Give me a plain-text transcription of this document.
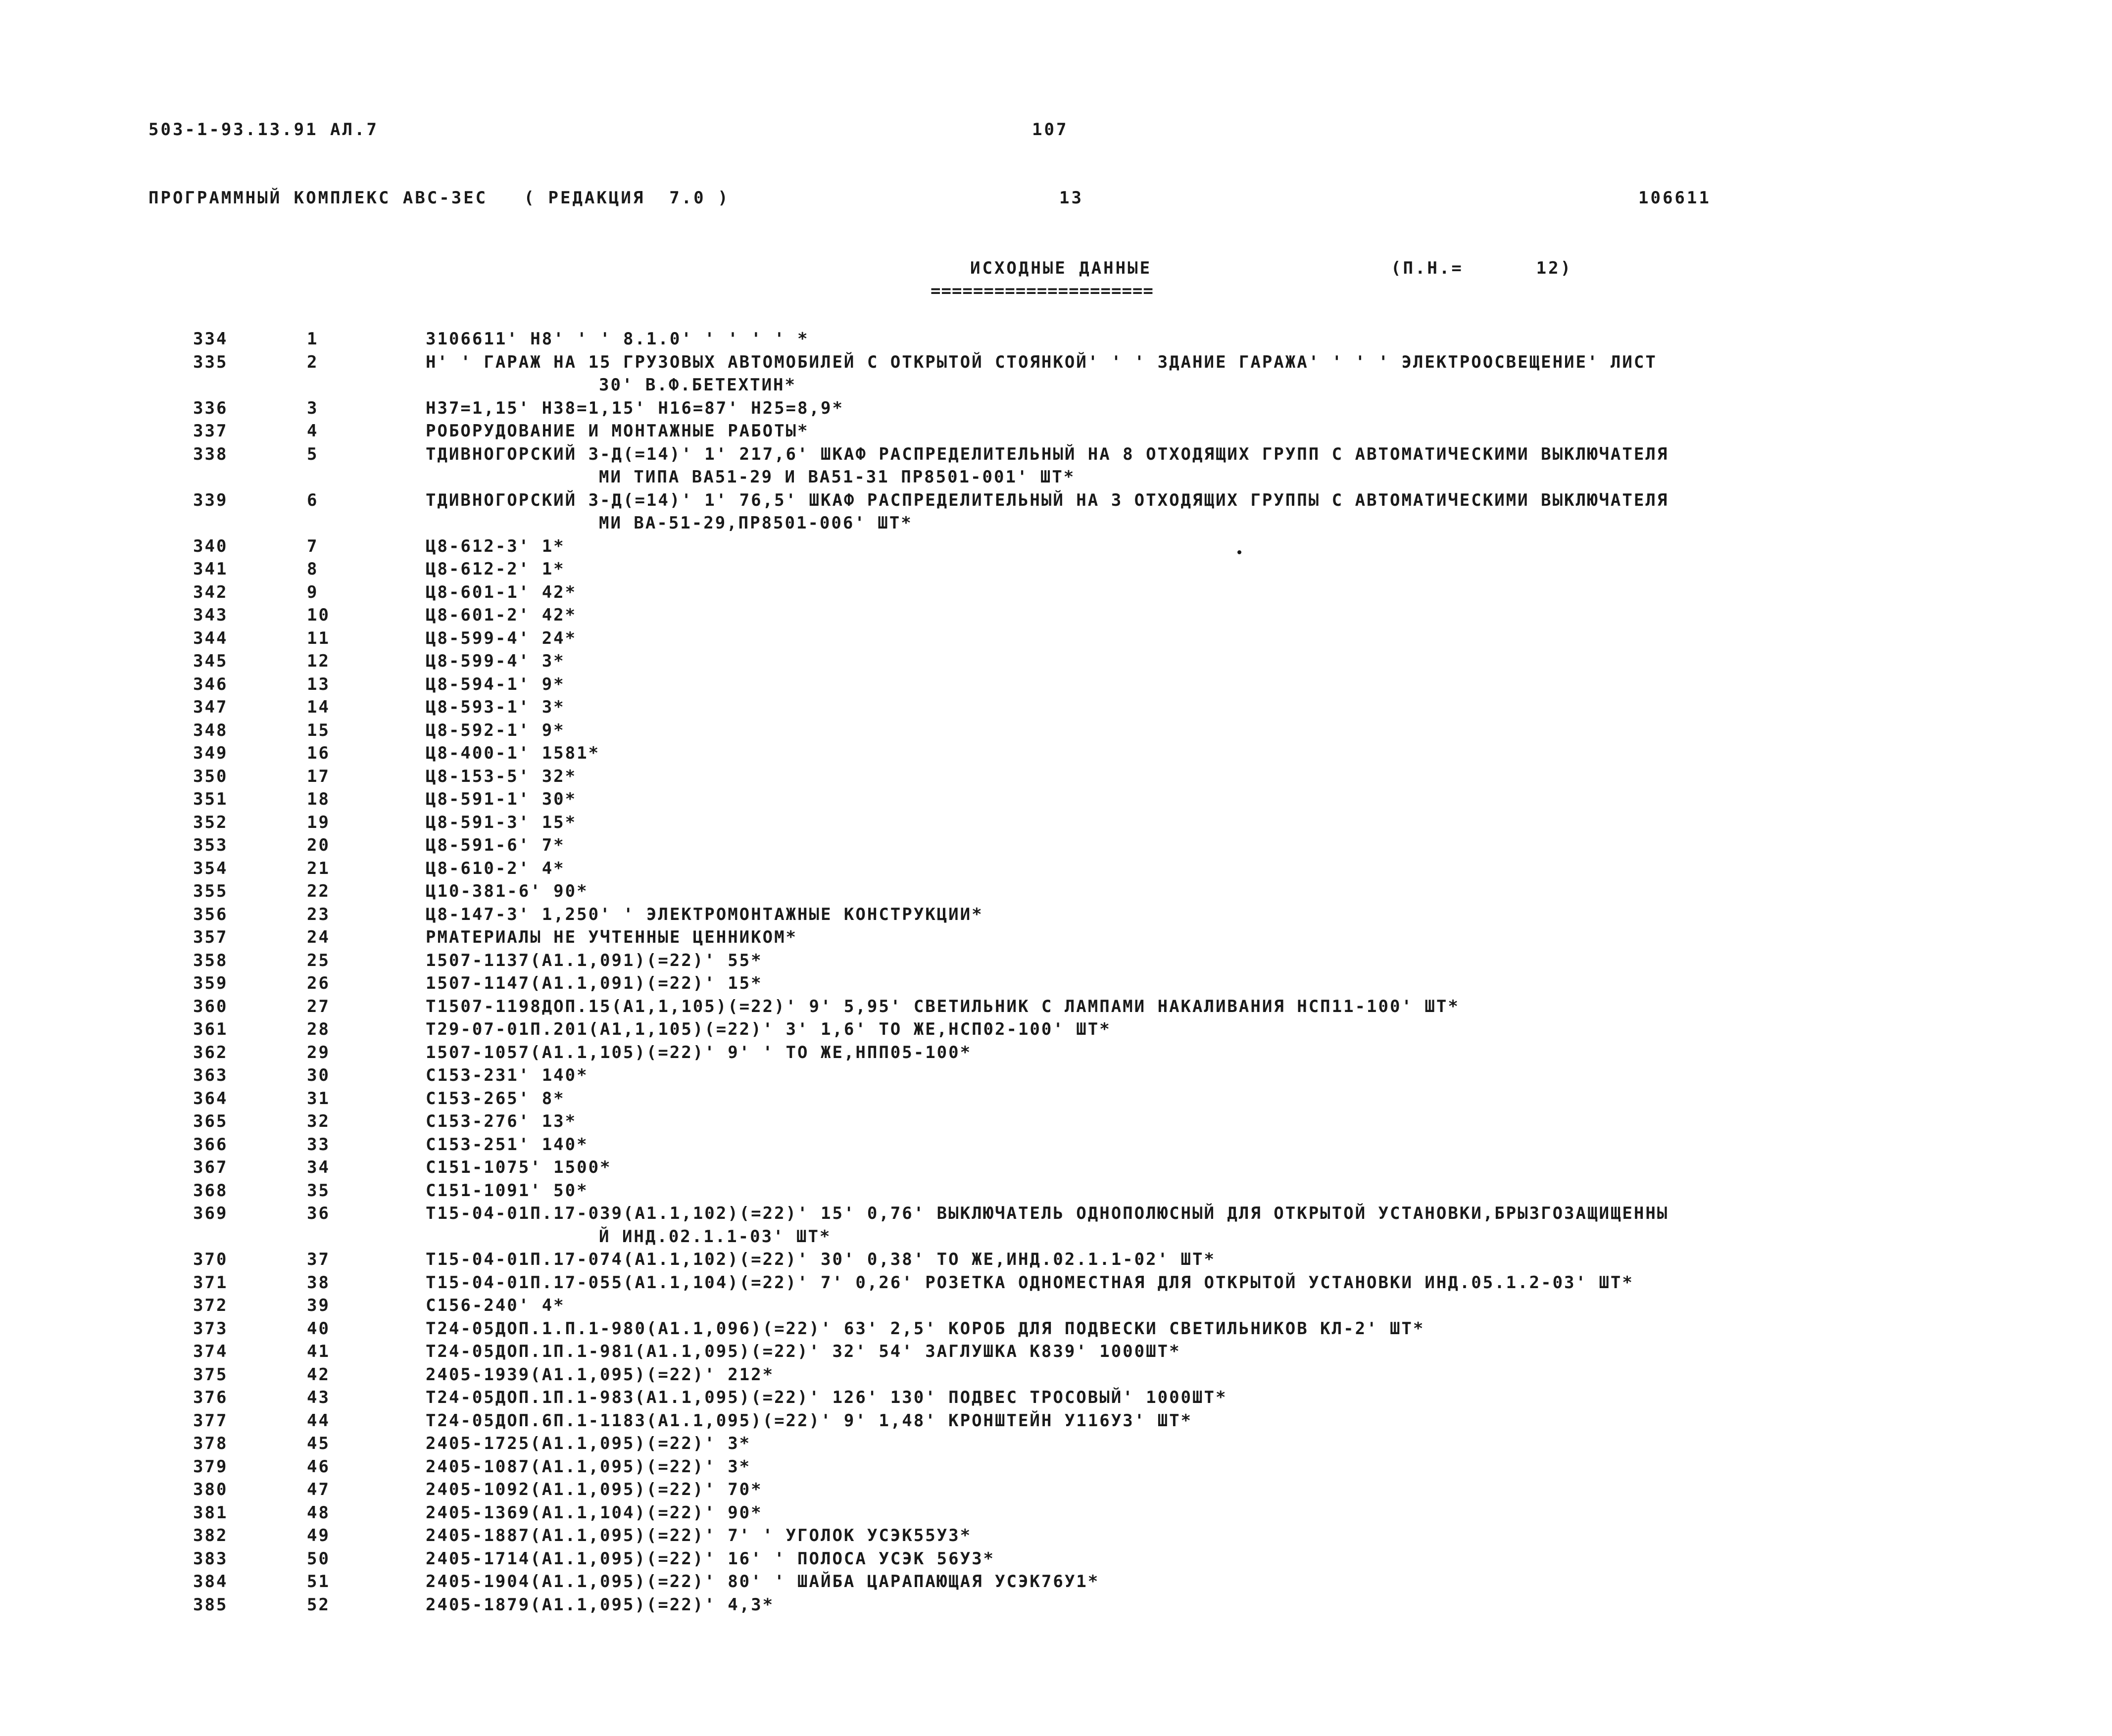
503-1-93.13.91 АЛ.7	107
ПРОГРАММНЫЙ КОМПЛЕКС АВС-3ЕС   ( РЕДАКЦИЯ  7.0 )	13	106611
ИСХОДНЫЕ ДАННЫЕ	(П.Н.=      12)
=====================
334	1	3106611' Н8' ' ' 8.1.0' ' ' ' ' *
335	2	Н' ' ГАРАЖ НА 15 ГРУЗОВЫХ АВТОМОБИЛЕЙ С ОТКРЫТОЙ СТОЯНКОЙ' ' ' ЗДАНИЕ ГАРАЖА' ' ' ' ЭЛЕКТРООСВЕЩЕНИЕ' ЛИСТ
30' В.Ф.БЕТЕХТИН*
336	3	Н37=1,15' Н38=1,15' Н16=87' Н25=8,9*
337	4	РОБОРУДОВАНИЕ И МОНТАЖНЫЕ РАБОТЫ*
338	5	ТДИВНОГОРСКИЙ 3-Д(=14)' 1' 217,6' ШКАФ РАСПРЕДЕЛИТЕЛЬНЫЙ НА 8 ОТХОДЯЩИХ ГРУПП С АВТОМАТИЧЕСКИМИ ВЫКЛЮЧАТЕЛЯ
МИ ТИПА ВА51-29 И ВА51-31 ПР8501-001' ШТ*
339	6	ТДИВНОГОРСКИЙ 3-Д(=14)' 1' 76,5' ШКАФ РАСПРЕДЕЛИТЕЛЬНЫЙ НА 3 ОТХОДЯЩИХ ГРУППЫ С АВТОМАТИЧЕСКИМИ ВЫКЛЮЧАТЕЛЯ
МИ ВА-51-29,ПР8501-006' ШТ*
340	7	Ц8-612-3' 1*
341	8	Ц8-612-2' 1*
342	9	Ц8-601-1' 42*
343	10	Ц8-601-2' 42*
344	11	Ц8-599-4' 24*
345	12	Ц8-599-4' 3*
346	13	Ц8-594-1' 9*
347	14	Ц8-593-1' 3*
348	15	Ц8-592-1' 9*
349	16	Ц8-400-1' 1581*
350	17	Ц8-153-5' 32*
351	18	Ц8-591-1' 30*
352	19	Ц8-591-3' 15*
353	20	Ц8-591-6' 7*
354	21	Ц8-610-2' 4*
355	22	Ц10-381-6' 90*
356	23	Ц8-147-3' 1,250' ' ЭЛЕКТРОМОНТАЖНЫЕ КОНСТРУКЦИИ*
357	24	РМАТЕРИАЛЫ НЕ УЧТЕННЫЕ ЦЕННИКОМ*
358	25	1507-1137(А1.1,091)(=22)' 55*
359	26	1507-1147(А1.1,091)(=22)' 15*
360	27	Т1507-1198ДОП.15(А1,1,105)(=22)' 9' 5,95' СВЕТИЛЬНИК С ЛАМПАМИ НАКАЛИВАНИЯ НСП11-100' ШТ*
361	28	Т29-07-01П.201(А1,1,105)(=22)' 3' 1,6' ТО ЖЕ,НСП02-100' ШТ*
362	29	1507-1057(А1.1,105)(=22)' 9' ' ТО ЖЕ,НПП05-100*
363	30	С153-231' 140*
364	31	С153-265' 8*
365	32	С153-276' 13*
366	33	С153-251' 140*
367	34	С151-1075' 1500*
368	35	С151-1091' 50*
369	36	Т15-04-01П.17-039(А1.1,102)(=22)' 15' 0,76' ВЫКЛЮЧАТЕЛЬ ОДНОПОЛЮСНЫЙ ДЛЯ ОТКРЫТОЙ УСТАНОВКИ,БРЫЗГОЗАЩИЩЕННЫ
Й ИНД.02.1.1-03' ШТ*
370	37	Т15-04-01П.17-074(А1.1,102)(=22)' 30' 0,38' ТО ЖЕ,ИНД.02.1.1-02' ШТ*
371	38	Т15-04-01П.17-055(А1.1,104)(=22)' 7' 0,26' РОЗЕТКА ОДНОМЕСТНАЯ ДЛЯ ОТКРЫТОЙ УСТАНОВКИ ИНД.05.1.2-03' ШТ*
372	39	С156-240' 4*
373	40	Т24-05ДОП.1.П.1-980(А1.1,096)(=22)' 63' 2,5' КОРОБ ДЛЯ ПОДВЕСКИ СВЕТИЛЬНИКОВ КЛ-2' ШТ*
374	41	Т24-05ДОП.1П.1-981(А1.1,095)(=22)' 32' 54' ЗАГЛУШКА К839' 1000ШТ*
375	42	2405-1939(А1.1,095)(=22)' 212*
376	43	Т24-05ДОП.1П.1-983(А1.1,095)(=22)' 126' 130' ПОДВЕС ТРОСОВЫЙ' 1000ШТ*
377	44	Т24-05ДОП.6П.1-1183(А1.1,095)(=22)' 9' 1,48' КРОНШТЕЙН У116У3' ШТ*
378	45	2405-1725(А1.1,095)(=22)' 3*
379	46	2405-1087(А1.1,095)(=22)' 3*
380	47	2405-1092(А1.1,095)(=22)' 70*
381	48	2405-1369(А1.1,104)(=22)' 90*
382	49	2405-1887(А1.1,095)(=22)' 7' ' УГОЛОК УСЭК55У3*
383	50	2405-1714(А1.1,095)(=22)' 16' ' ПОЛОСА УСЭК 56У3*
384	51	2405-1904(А1.1,095)(=22)' 80' ' ШАЙБА ЦАРАПАЮЩАЯ УСЭК76У1*
385	52	2405-1879(А1.1,095)(=22)' 4,3*
